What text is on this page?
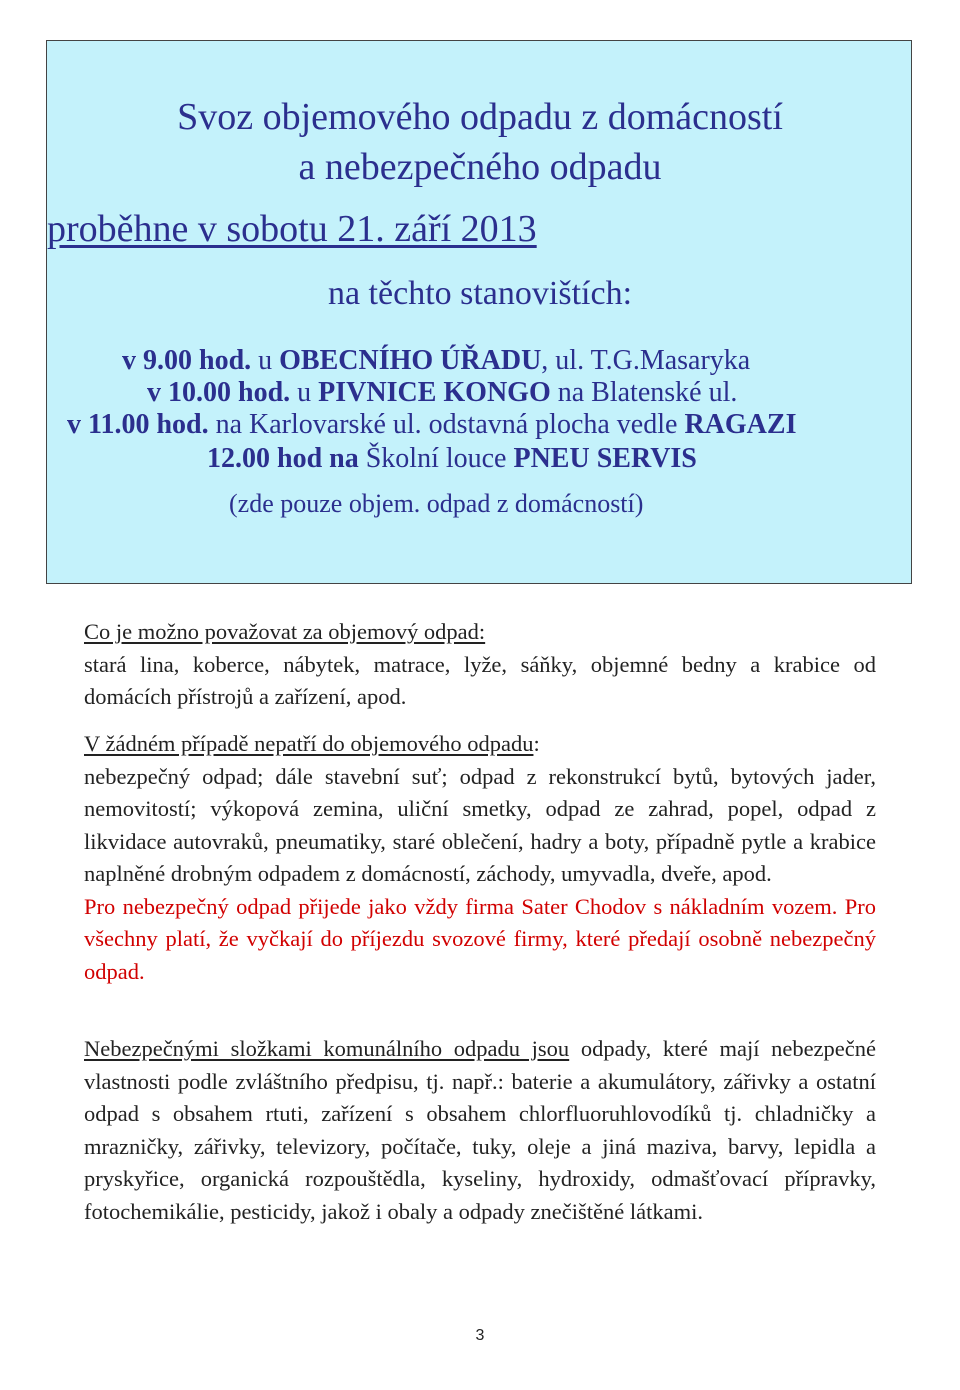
Svoz objemového odpadu z domácností
a nebezpečného odpadu
proběhne v sobotu 21. září 2013
na těchto stanovištích:
v 9.00 hod. u OBECNÍHO ÚŘADU, ul. T.G.Masaryka
v 10.00 hod. u PIVNICE KONGO na Blatenské ul.
v 11.00 hod. na Karlovarské ul. odstavná plocha vedle RAGAZI
12.00 hod na Školní louce PNEU SERVIS
(zde pouze objem. odpad z domácností)
Co je možno považovat za objemový odpad:
stará lina, koberce, nábytek, matrace, lyže, sáňky, objemné bedny a krabice od domácích přístrojů a zařízení, apod.
V žádném případě nepatří do objemového odpadu:
nebezpečný odpad; dále stavební suť; odpad z rekonstrukcí bytů, bytových jader, nemovitostí; výkopová zemina, uliční smetky, odpad ze zahrad, popel, odpad z likvidace autovraků, pneumatiky, staré oblečení, hadry a boty, případně pytle a krabice naplněné drobným odpadem z domácností, záchody, umyvadla, dveře, apod.
Pro nebezpečný odpad přijede jako vždy firma Sater Chodov s nákladním vozem. Pro všechny platí, že vyčkají do příjezdu svozové firmy, které předají osobně nebezpečný odpad.
Nebezpečnými složkami komunálního odpadu jsou odpady, které mají nebezpečné vlastnosti podle zvláštního předpisu, tj. např.: baterie a akumulátory, zářivky a ostatní odpad s obsahem rtuti, zařízení s obsahem chlorfluoruhlovodíků tj. chladničky a mrazničky, zářivky, televizory, počítače, tuky, oleje a jiná maziva, barvy, lepidla a pryskyřice, organická rozpouštědla, kyseliny, hydroxidy, odmašťovací přípravky, fotochemikálie, pesticidy, jakož i obaly a odpady znečištěné látkami.
3
